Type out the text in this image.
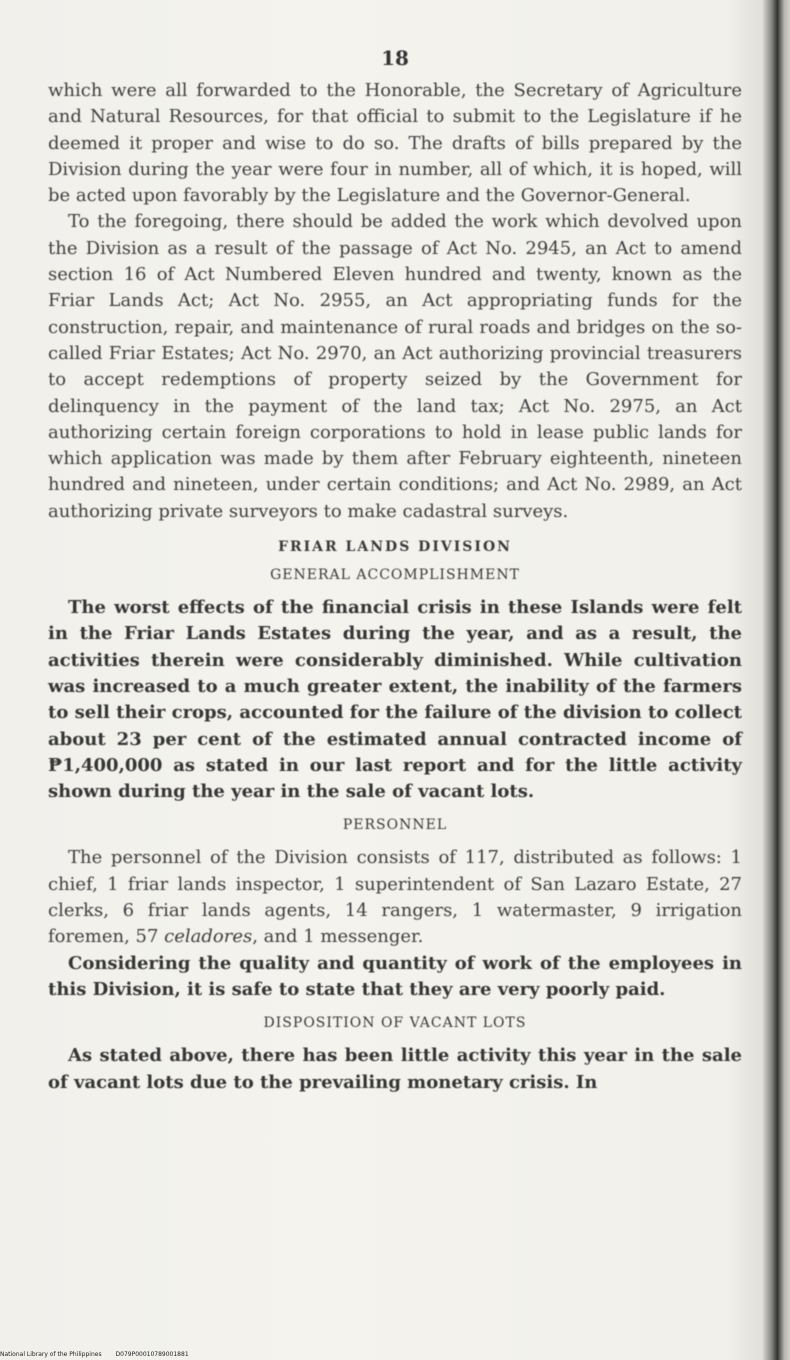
18

which were all forwarded to the Honorable, the Secretary of Agriculture and Natural Resources, for that official to submit to the Legislature if he deemed it proper and wise to do so. The drafts of bills prepared by the Division during the year were four in number, all of which, it is hoped, will be acted upon favorably by the Legislature and the Governor-General.

To the foregoing, there should be added the work which devolved upon the Division as a result of the passage of Act No. 2945, an Act to amend section 16 of Act Numbered Eleven hundred and twenty, known as the Friar Lands Act; Act No. 2955, an Act appropriating funds for the construction, repair, and maintenance of rural roads and bridges on the so-called Friar Estates; Act No. 2970, an Act authorizing provincial treasurers to accept redemptions of property seized by the Government for delinquency in the payment of the land tax; Act No. 2975, an Act authorizing certain foreign corporations to hold in lease public lands for which application was made by them after February eighteenth, nineteen hundred and nineteen, under certain conditions; and Act No. 2989, an Act authorizing private surveyors to make cadastral surveys.

FRIAR LANDS DIVISION
GENERAL ACCOMPLISHMENT

The worst effects of the financial crisis in these Islands were felt in the Friar Lands Estates during the year, and as a result, the activities therein were considerably diminished. While cultivation was increased to a much greater extent, the inability of the farmers to sell their crops, accounted for the failure of the division to collect about 23 per cent of the estimated annual contracted income of ₱1,400,000 as stated in our last report and for the little activity shown during the year in the sale of vacant lots.

PERSONNEL

The personnel of the Division consists of 117, distributed as follows: 1 chief, 1 friar lands inspector, 1 superintendent of San Lazaro Estate, 27 clerks, 6 friar lands agents, 14 rangers, 1 watermaster, 9 irrigation foremen, 57 celadores, and 1 messenger.

Considering the quality and quantity of work of the employees in this Division, it is safe to state that they are very poorly paid.

DISPOSITION OF VACANT LOTS

As stated above, there has been little activity this year in the sale of vacant lots due to the prevailing monetary crisis. In

National Library of the Philippines D079P00010789001881
